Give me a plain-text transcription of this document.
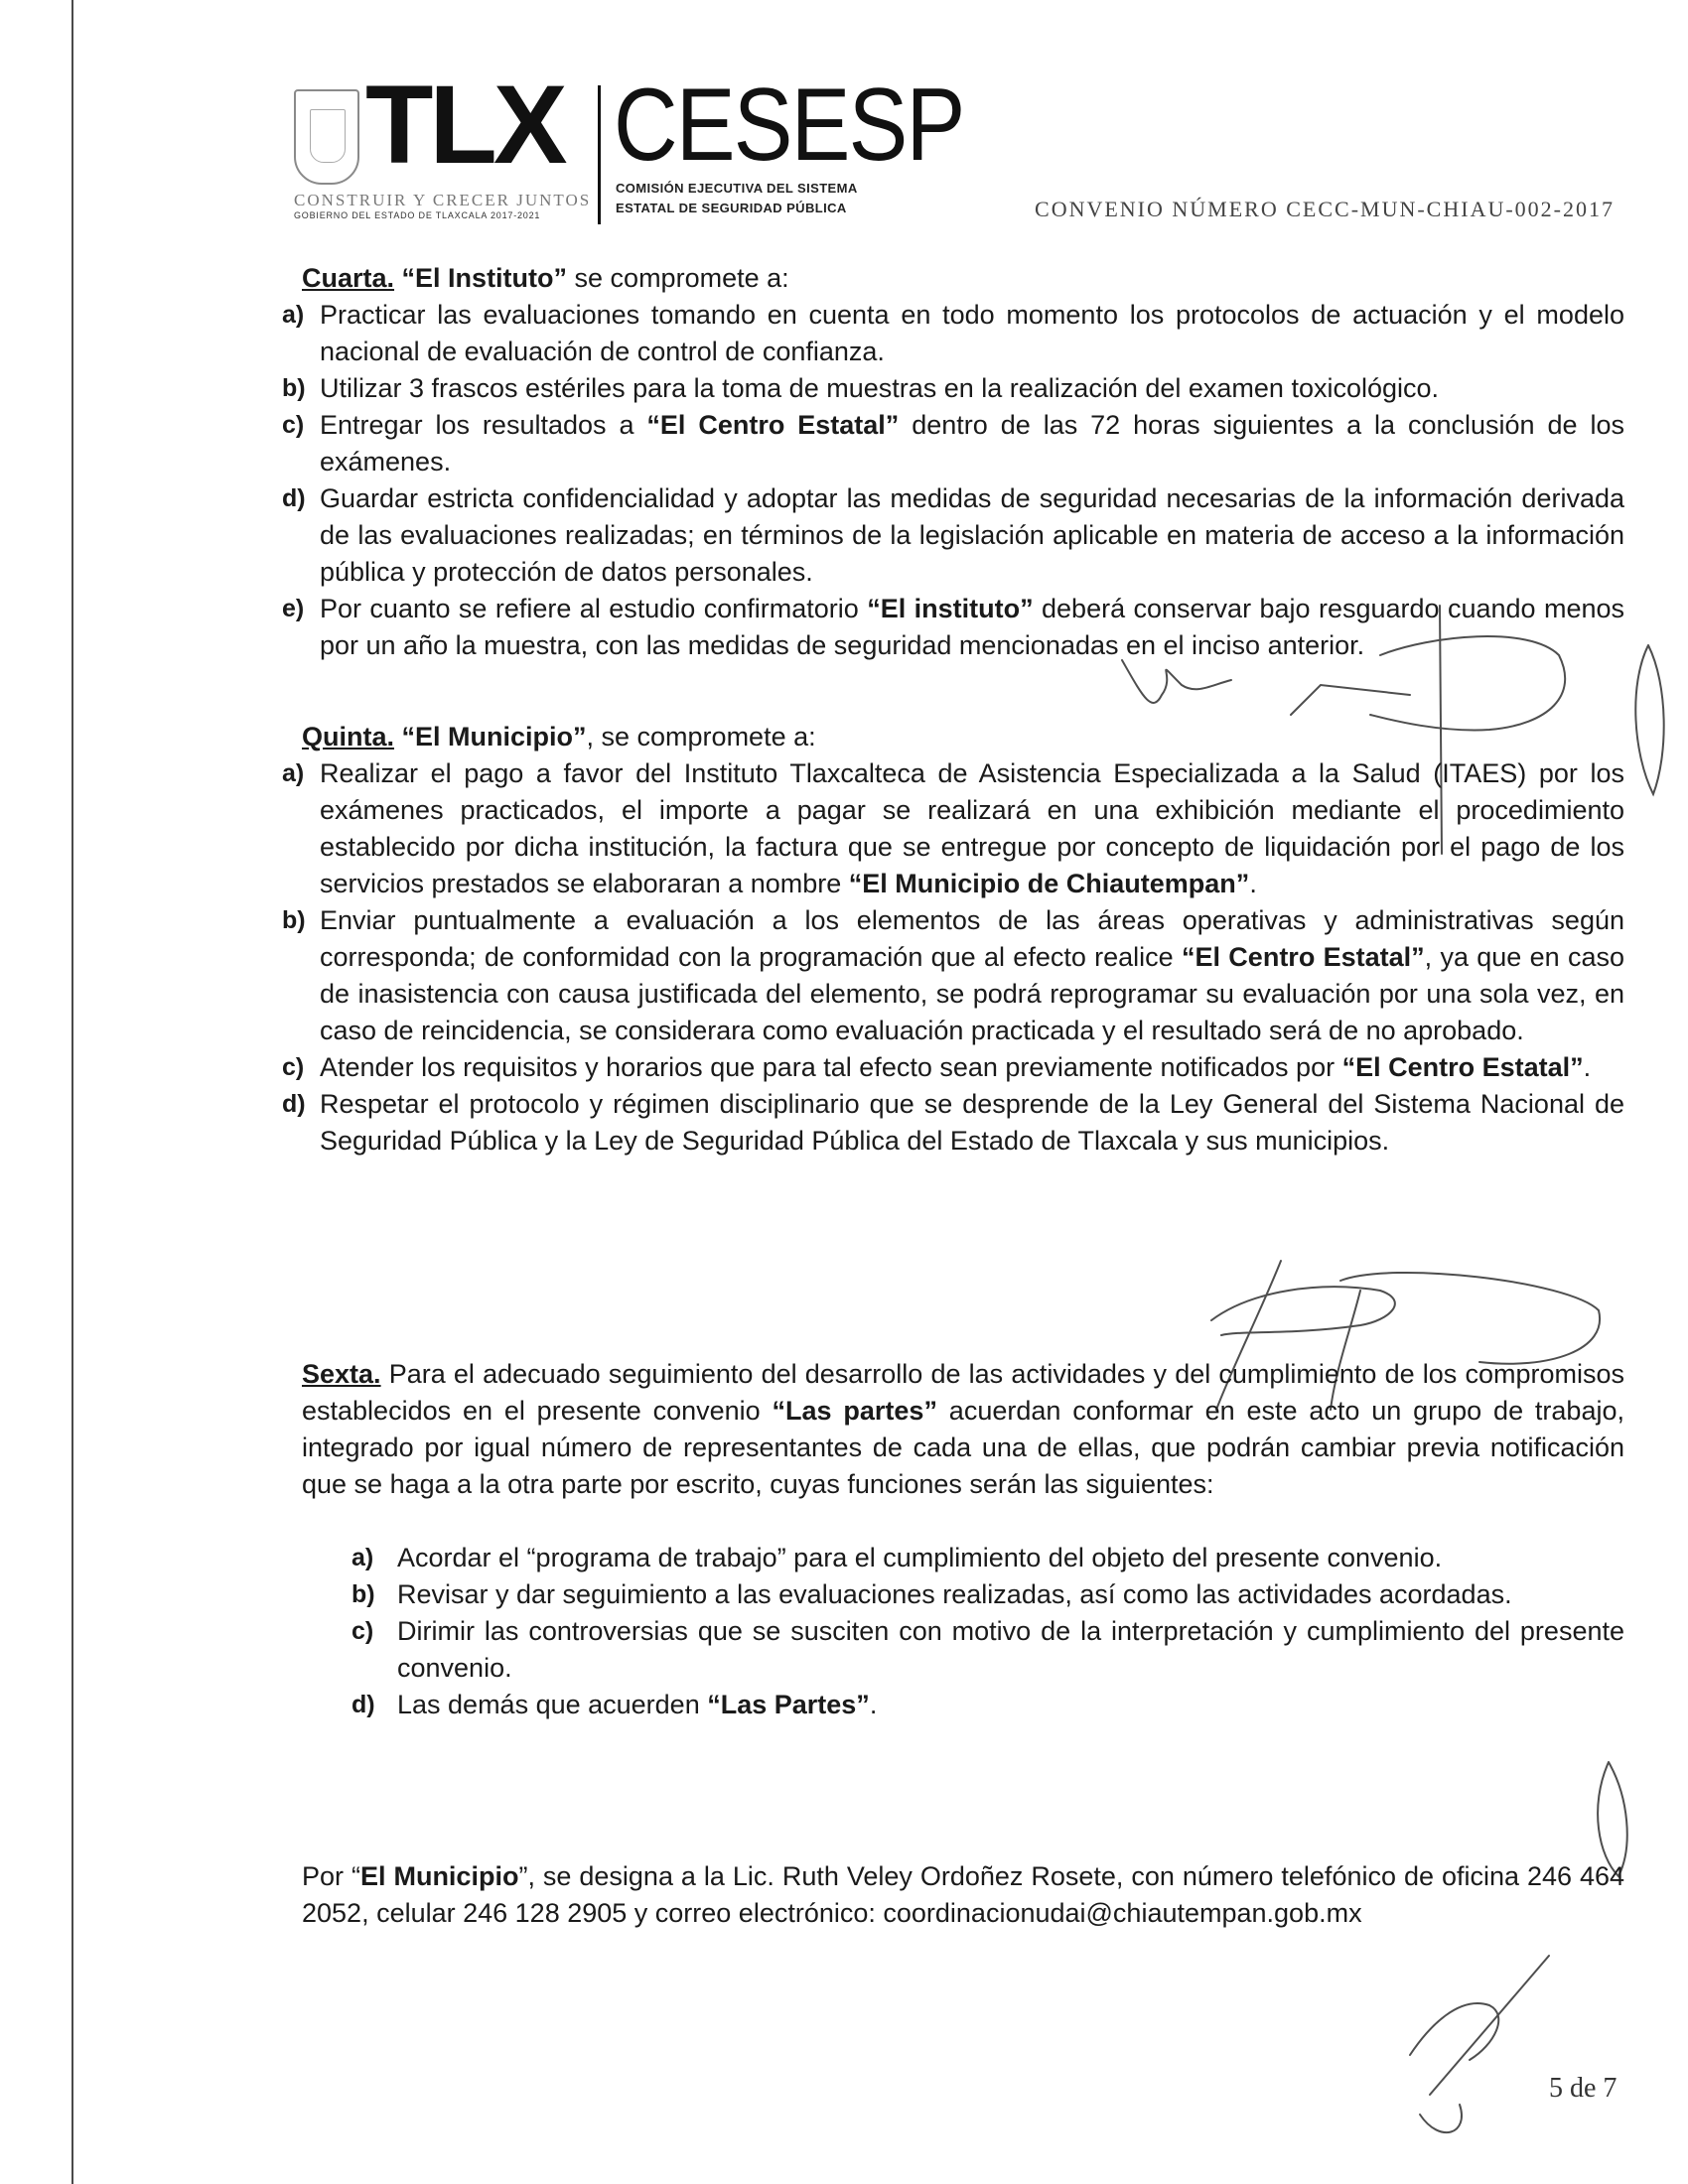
TLX
CONSTRUIR Y CRECER JUNTOS
GOBIERNO DEL ESTADO DE TLAXCALA 2017-2021
CESESP
COMISIÓN EJECUTIVA DEL SISTEMA
ESTATAL DE SEGURIDAD PÚBLICA	CONVENIO NÚMERO CECC-MUN-CHIAU-002-2017
Cuarta. “El Instituto” se compromete a:
a) Practicar las evaluaciones tomando en cuenta en todo momento los protocolos de actuación y el modelo nacional de evaluación de control de confianza.
b) Utilizar 3 frascos estériles para la toma de muestras en la realización del examen toxicológico.
c) Entregar los resultados a “El Centro Estatal” dentro de las 72 horas siguientes a la conclusión de los exámenes.
d) Guardar estricta confidencialidad y adoptar las medidas de seguridad necesarias de la información derivada de las evaluaciones realizadas; en términos de la legislación aplicable en materia de acceso a la información pública y protección de datos personales.
e) Por cuanto se refiere al estudio confirmatorio “El instituto” deberá conservar bajo resguardo cuando menos por un año la muestra, con las medidas de seguridad mencionadas en el inciso anterior.
Quinta. “El Municipio”, se compromete a:
a) Realizar el pago a favor del Instituto Tlaxcalteca de Asistencia Especializada a la Salud (ITAES) por los exámenes practicados, el importe a pagar se realizará en una exhibición mediante el procedimiento establecido por dicha institución, la factura que se entregue por concepto de liquidación por el pago de los servicios prestados se elaboraran a nombre “El Municipio de Chiautempan”.
b) Enviar puntualmente a evaluación a los elementos de las áreas operativas y administrativas según corresponda; de conformidad con la programación que al efecto realice “El Centro Estatal”, ya que en caso de inasistencia con causa justificada del elemento, se podrá reprogramar su evaluación por una sola vez, en caso de reincidencia, se considerara como evaluación practicada y el resultado será de no aprobado.
c) Atender los requisitos y horarios que para tal efecto sean previamente notificados por “El Centro Estatal”.
d) Respetar el protocolo y régimen disciplinario que se desprende de la Ley General del Sistema Nacional de Seguridad Pública y la Ley de Seguridad Pública del Estado de Tlaxcala y sus municipios.
Sexta. Para el adecuado seguimiento del desarrollo de las actividades y del cumplimiento de los compromisos establecidos en el presente convenio “Las partes” acuerdan conformar en este acto un grupo de trabajo, integrado por igual número de representantes de cada una de ellas, que podrán cambiar previa notificación que se haga a la otra parte por escrito, cuyas funciones serán las siguientes:
a) Acordar el “programa de trabajo” para el cumplimiento del objeto del presente convenio.
b) Revisar y dar seguimiento a las evaluaciones realizadas, así como las actividades acordadas.
c) Dirimir las controversias que se susciten con motivo de la interpretación y cumplimiento del presente convenio.
d) Las demás que acuerden “Las Partes”.
Por “El Municipio”, se designa a la Lic. Ruth Veley Ordoñez Rosete, con número telefónico de oficina 246 464 2052, celular 246 128 2905 y correo electrónico: coordinacionudai@chiautempan.gob.mx
5 de 7
